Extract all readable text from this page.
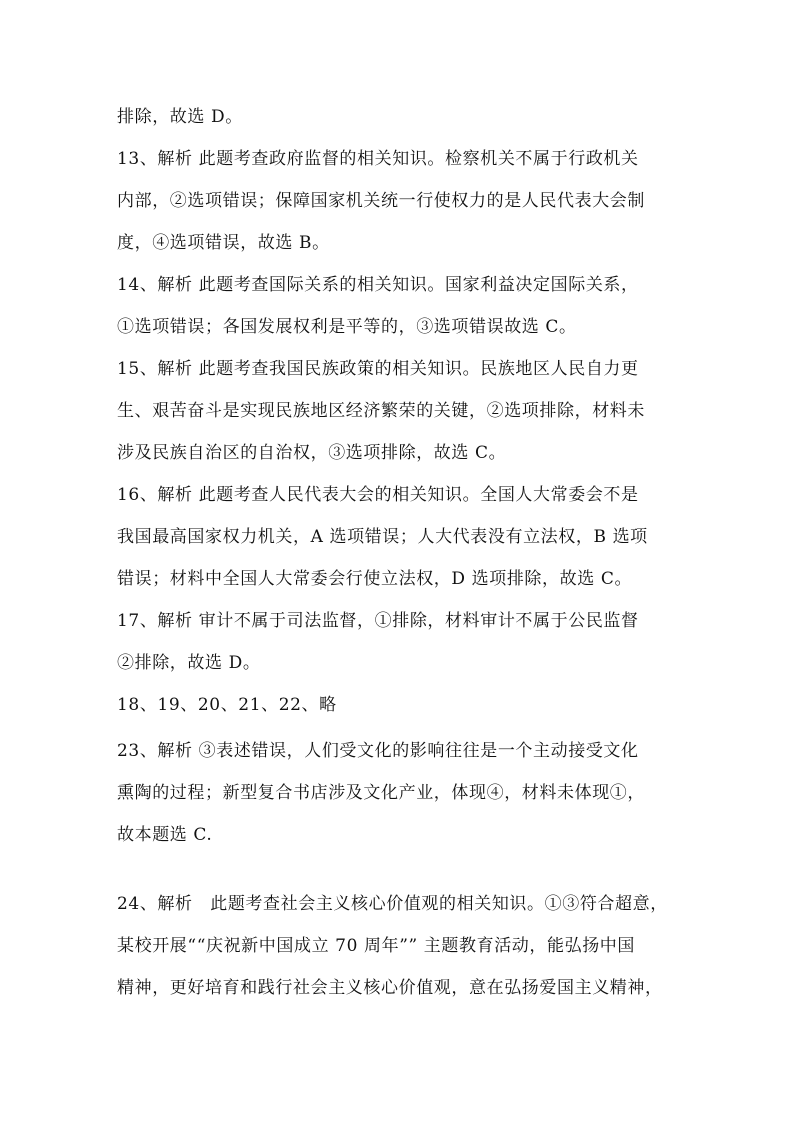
排除，故选 D。
13、解析 此题考查政府监督的相关知识。检察机关不属于行政机关
内部，②选项错误；保障国家机关统一行使权力的是人民代表大会制
度，④选项错误，故选 B。
14、解析 此题考查国际关系的相关知识。国家利益决定国际关系，
①选项错误；各国发展权利是平等的，③选项错误故选 C。
15、解析 此题考查我国民族政策的相关知识。民族地区人民自力更
生、艰苦奋斗是实现民族地区经济繁荣的关键，②选项排除，材料未
涉及民族自治区的自治权，③选项排除，故选 C。
16、解析 此题考查人民代表大会的相关知识。全国人大常委会不是
我国最高国家权力机关，A 选项错误；人大代表没有立法权，B 选项
错误；材料中全国人大常委会行使立法权，D 选项排除，故选 C。
17、解析 审计不属于司法监督，①排除，材料审计不属于公民监督
②排除，故选 D。
18、19、20、21、22、略
23、解析 ③表述错误，人们受文化的影响往往是一个主动接受文化
熏陶的过程；新型复合书店涉及文化产业，体现④，材料未体现①，
故本题选 C.
24、解析　此题考查社会主义核心价值观的相关知识。①③符合超意，
某校开展““庆祝新中国成立 70 周年”” 主题教育活动，能弘扬中国
精神，更好培育和践行社会主义核心价值观，意在弘扬爱国主义精神，
